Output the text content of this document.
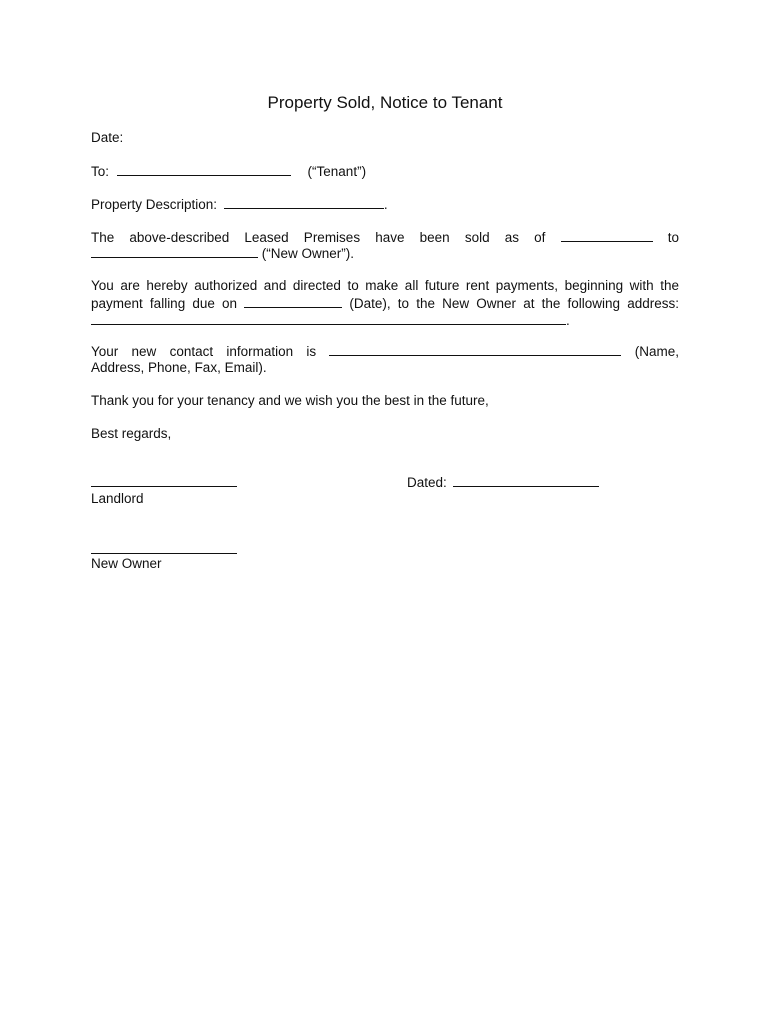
Property Sold, Notice to Tenant
Date:
To:	(“Tenant”)
Property Description:	.
The above-described Leased Premises have been sold as of	to
(“New Owner”).
You are hereby authorized and directed to make all future rent payments, beginning with the
payment falling due on	(Date), to the New Owner at the following address:
.
Your new contact information is	(Name,
Address, Phone, Fax, Email).
Thank you for your tenancy and we wish you the best in the future,
Best regards,
Landlord
Dated:
New Owner
